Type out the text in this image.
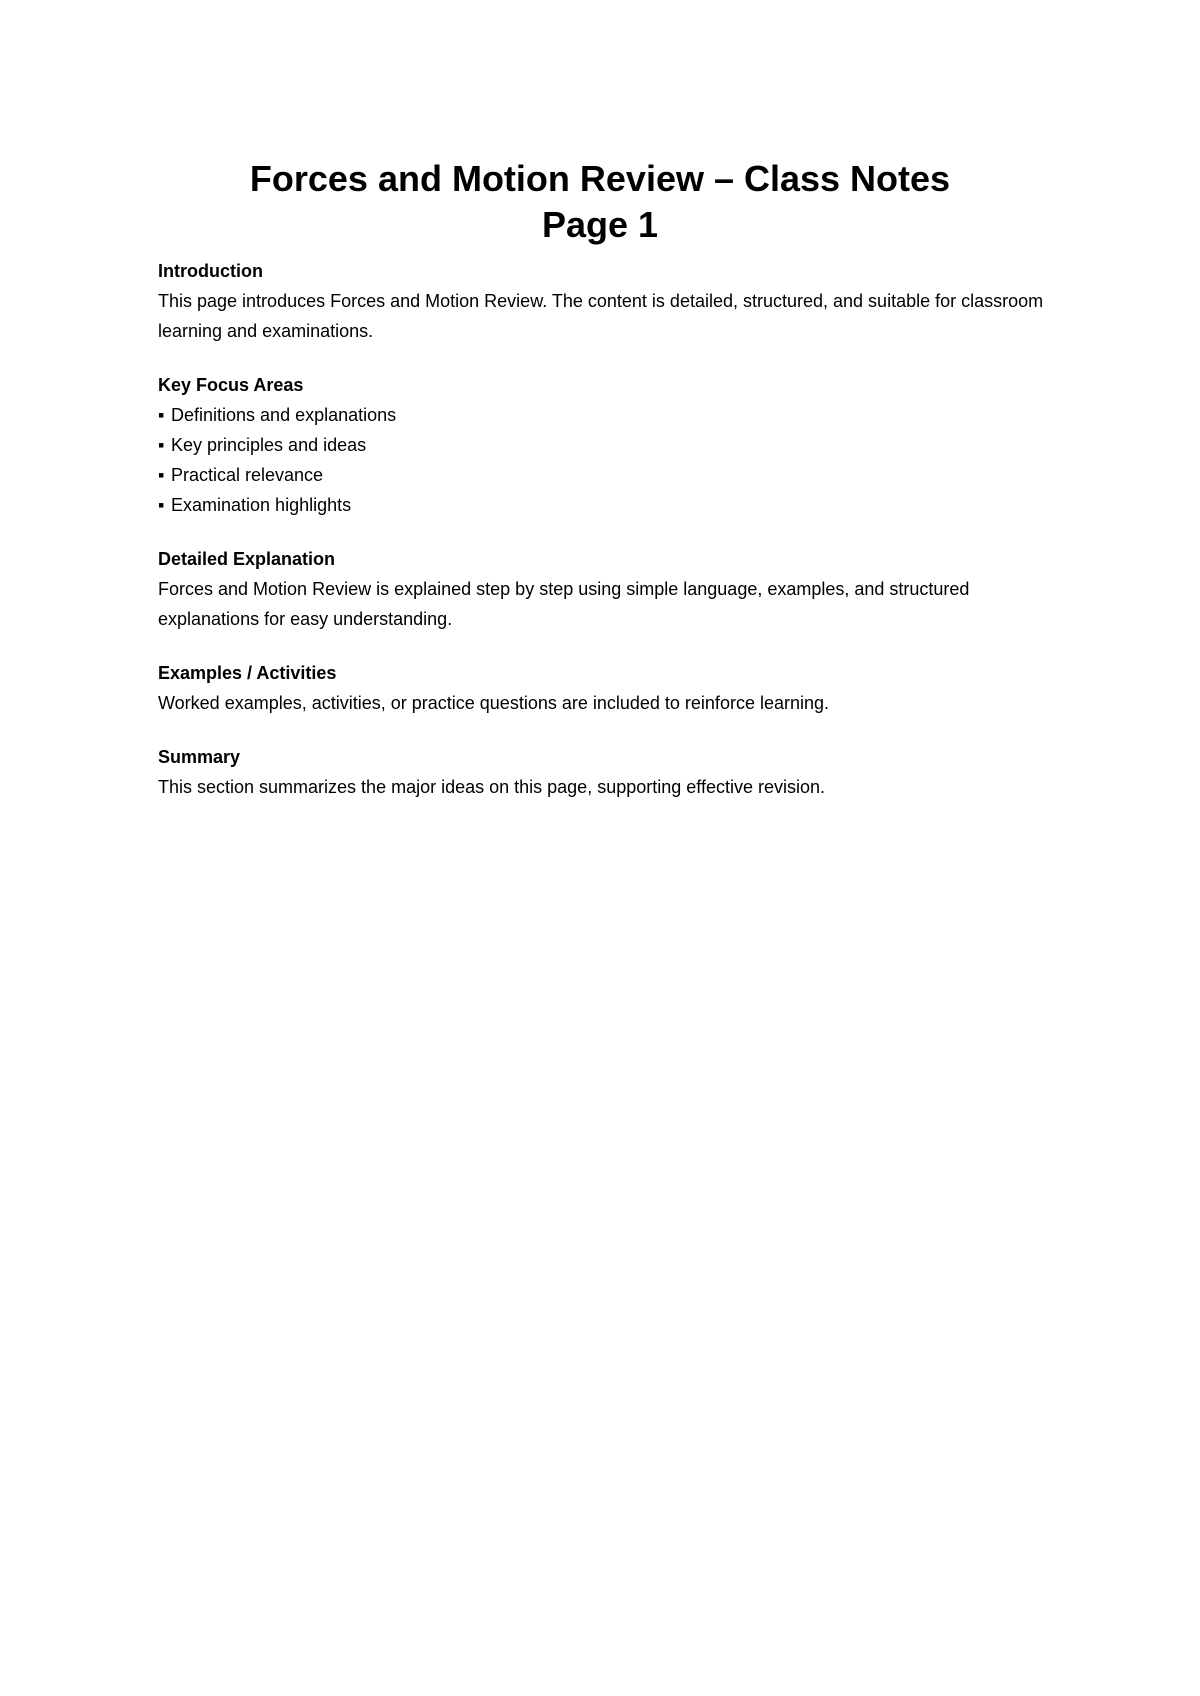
Forces and Motion Review – Class Notes

Page 1

Introduction

This page introduces Forces and Motion Review. The content is detailed, structured, and suitable for classroom learning and examinations.

Key Focus Areas

▪ Definitions and explanations
▪ Key principles and ideas
▪ Practical relevance
▪ Examination highlights

Detailed Explanation

Forces and Motion Review is explained step by step using simple language, examples, and structured explanations for easy understanding.

Examples / Activities

Worked examples, activities, or practice questions are included to reinforce learning.

Summary

This section summarizes the major ideas on this page, supporting effective revision.
